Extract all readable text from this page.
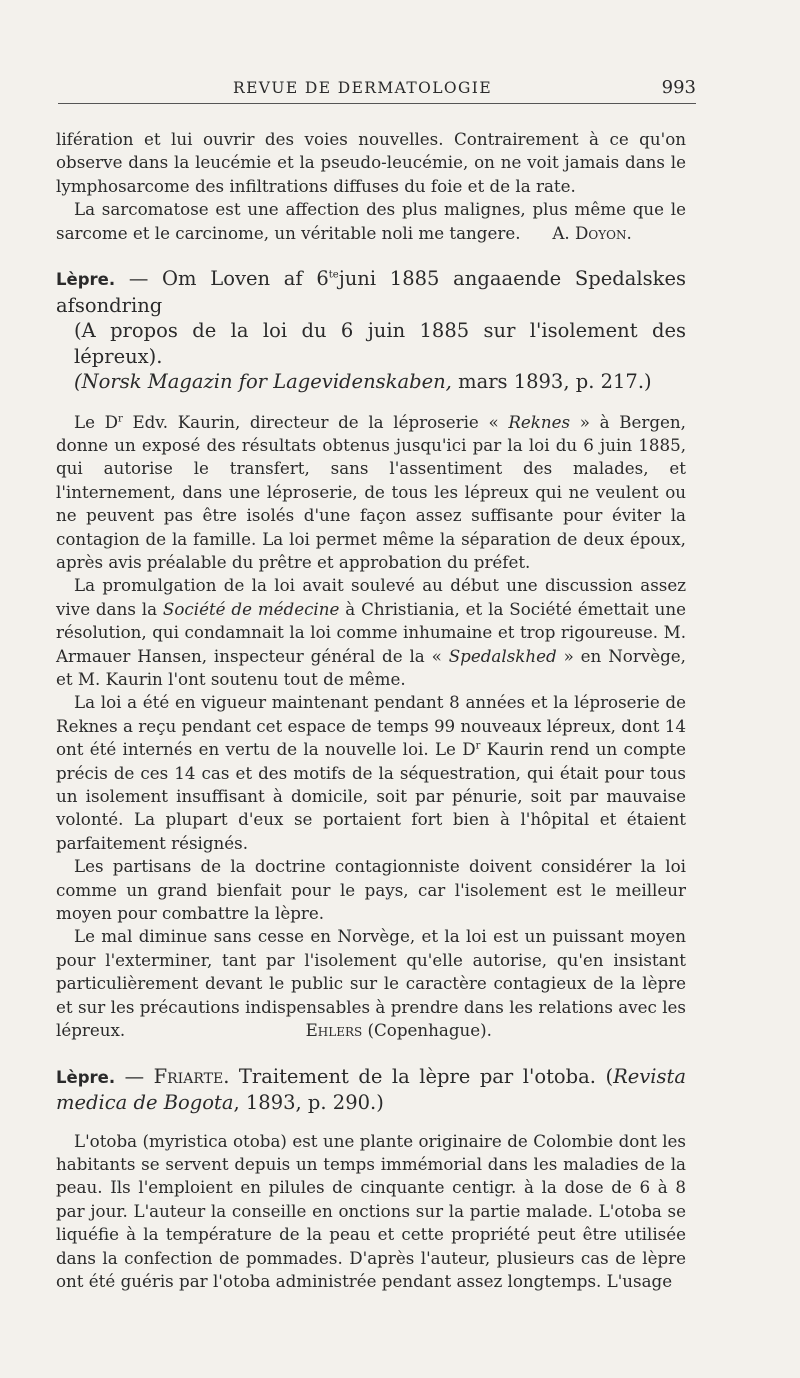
REVUE DE DERMATOLOGIE	993

lifération et lui ouvrir des voies nouvelles. Contrairement à ce qu'on observe dans la leucémie et la pseudo-leucémie, on ne voit jamais dans le lymphosarcome des infiltrations diffuses du foie et de la rate.

La sarcomatose est une affection des plus malignes, plus même que le sarcome et le carcinome, un véritable noli me tangere. A. Doyon.

Lèpre. — Om Loven af $6^{te}juni$ 1885 angaaende Spedalskes afsondring
(A propos de la loi du 6 juin 1885 sur l'isolement des lépreux).
(Norsk Magazin for Lagevidenskaben, mars 1893, p. 217.)

Le $D^r$ Edv. Kaurin, directeur de la léproserie « Reknes » à Bergen, donne un exposé des résultats obtenus jusqu'ici par la loi du 6 juin 1885, qui autorise le transfert, sans l'assentiment des malades, et l'internement, dans une léproserie, de tous les lépreux qui ne veulent ou ne peuvent pas être isolés d'une façon assez suffisante pour éviter la contagion de la famille. La loi permet même la séparation de deux époux, après avis préalable du prêtre et approbation du préfet.

La promulgation de la loi avait soulevé au début une discussion assez vive dans la Société de médecine à Christiania, et la Société émettait une résolution, qui condamnait la loi comme inhumaine et trop rigoureuse. M. Armauer Hansen, inspecteur général de la « Spedalskhed » en Norvège, et M. Kaurin l'ont soutenu tout de même.

La loi a été en vigueur maintenant pendant 8 années et la léproserie de Reknes a reçu pendant cet espace de temps 99 nouveaux lépreux, dont 14 ont été internés en vertu de la nouvelle loi. Le $D^r$ Kaurin rend un compte précis de ces 14 cas et des motifs de la séquestration, qui était pour tous un isolement insuffisant à domicile, soit par pénurie, soit par mauvaise volonté. La plupart d'eux se portaient fort bien à l'hôpital et étaient parfaitement résignés.

Les partisans de la doctrine contagionniste doivent considérer la loi comme un grand bienfait pour le pays, car l'isolement est le meilleur moyen pour combattre la lèpre.

Le mal diminue sans cesse en Norvège, et la loi est un puissant moyen pour l'exterminer, tant par l'isolement qu'elle autorise, qu'en insistant particulièrement devant le public sur le caractère contagieux de la lèpre et sur les précautions indispensables à prendre dans les relations avec les lépreux.	Ehlers (Copenhague).

Lèpre. — Friarte. Traitement de la lèpre par l'otoba. (Revista medica de Bogota, 1893, p. 290.)

L'otoba (myristica otoba) est une plante originaire de Colombie dont les habitants se servent depuis un temps immémorial dans les maladies de la peau. Ils l'emploient en pilules de cinquante centigr. à la dose de 6 à 8 par jour. L'auteur la conseille en onctions sur la partie malade. L'otoba se liquéfie à la température de la peau et cette propriété peut être utilisée dans la confection de pommades. D'après l'auteur, plusieurs cas de lèpre ont été guéris par l'otoba administrée pendant assez longtemps. L'usage
